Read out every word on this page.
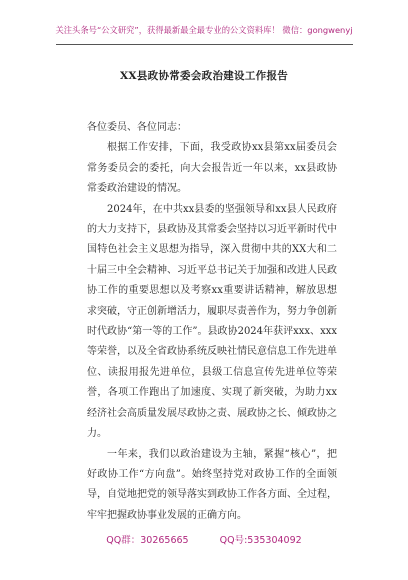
关注头条号“公文研究”，获得最新最全最专业的公文资料库！ 微信：gongwenyj
XX县政协常委会政治建设工作报告

各位委员、各位同志：

根据工作安排，下面，我受政协xx县第xx届委员会常务委员会的委托，向大会报告近一年以来，xx县政协常委政治建设的情况。

2024年，在中共xx县委的坚强领导和xx县人民政府的大力支持下，县政协及其常委会坚持以习近平新时代中国特色社会主义思想为指导，深入贯彻中共的XX大和二十届三中全会精神、习近平总书记关于加强和改进人民政协工作的重要思想以及考察xx重要讲话精神，解放思想求突破，守正创新增活力，履职尽责善作为，努力争创新时代政协“第一等的工作”。县政协2024年获评xxx、xxx等荣誉，以及全省政协系统反映社情民意信息工作先进单位、读报用报先进单位，县级工信息宣传先进单位等荣誉，各项工作跑出了加速度、实现了新突破，为助力xx经济社会高质量发展尽政协之责、展政协之长、倾政协之力。

一年来，我们以政治建设为主轴，紧握“核心”，把好政协工作“方向盘”。始终坚持党对政协工作的全面领导，自觉地把党的领导落实到政协工作各方面、全过程，牢牢把握政协事业发展的正确方向。

QQ群：30265665	QQ号:535304092
